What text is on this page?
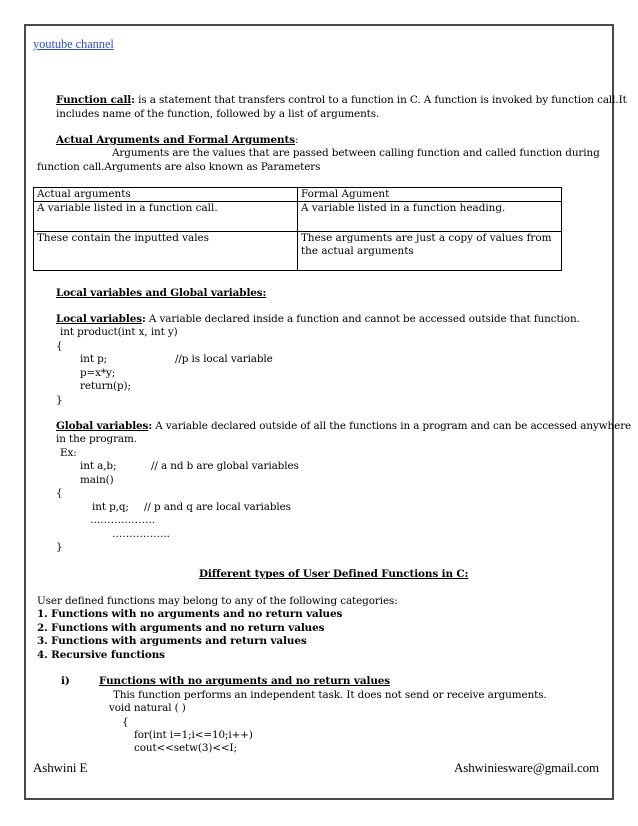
youtube channel
Function call: is a statement that transfers control to a function in C. A function is invoked by function call.It
includes name of the function, followed by a list of arguments.
Actual Arguments and Formal Arguments:
Arguments are the values that are passed between calling function and called function during
function call.Arguments are also known as Parameters
Actual arguments	Formal Agument
A variable listed in a function call.	A variable listed in a function heading.
These contain the inputted vales	These arguments are just a copy of values from the actual arguments
Local variables and Global variables:
Local variables: A variable declared inside a function and cannot be accessed outside that function.
int product(int x, int y)
{
int p;	//p is local variable
p=x*y;
return(p);
}
Global variables: A variable declared outside of all the functions in a program and can be accessed anywhere
in the program.
Ex:
int a,b;	// a nd b are global variables
main()
{
int p,q; // p and q are local variables
……………….
……………..
}
Different types of User Defined Functions in C:
User defined functions may belong to any of the following categories:
1. Functions with no arguments and no return values
2. Functions with arguments and no return values
3. Functions with arguments and return values
4. Recursive functions
i)	Functions with no arguments and no return values
This function performs an independent task. It does not send or receive arguments.
void natural ( )
{
for(int i=1;i<=10;i++)
cout<<setw(3)<<I;
Ashwini E	Ashwiniesware@gmail.com
